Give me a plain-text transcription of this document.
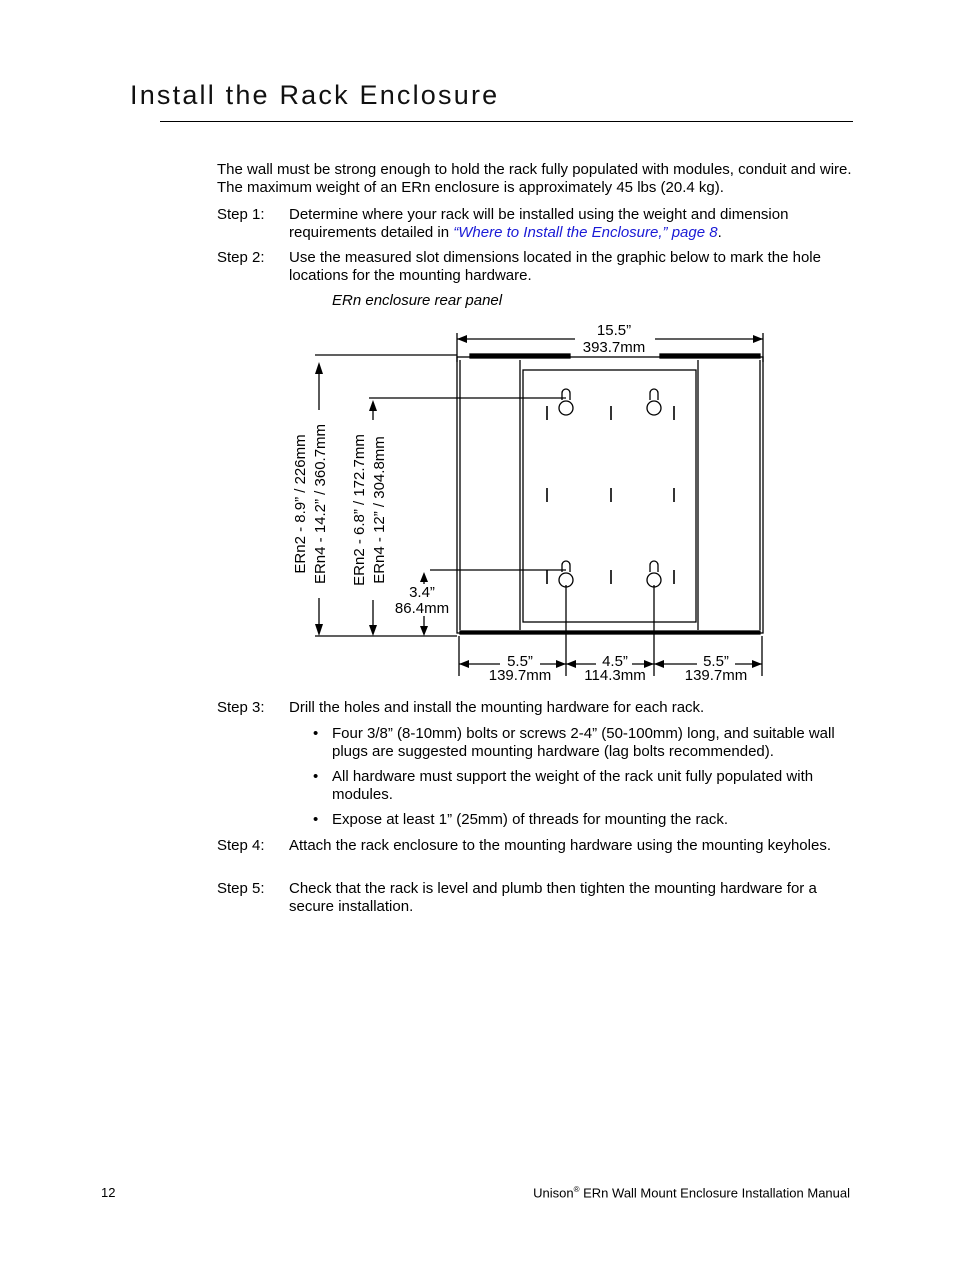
Install the Rack Enclosure
The wall must be strong enough to hold the rack fully populated with modules, conduit and wire. The maximum weight of an ERn enclosure is approximately 45 lbs (20.4 kg).
Step 1: Determine where your rack will be installed using the weight and dimension requirements detailed in “Where to Install the Enclosure,” page 8.
Step 2: Use the measured slot dimensions located in the graphic below to mark the hole locations for the mounting hardware.
ERn enclosure rear panel
15.5”
393.7mm
ERn2 - 8.9” / 226mm ERn4 - 14.2” / 360.7mm ERn2 - 6.8” / 172.7mm ERn4 - 12” / 304.8mm
3.4”
86.4mm
5.5”
139.7mm
4.5”
114.3mm
5.5”
139.7mm
Step 3: Drill the holes and install the mounting hardware for each rack.
• Four 3/8” (8-10mm) bolts or screws 2-4” (50-100mm) long, and suitable wall plugs are suggested mounting hardware (lag bolts recommended).
• All hardware must support the weight of the rack unit fully populated with modules.
• Expose at least 1” (25mm) of threads for mounting the rack.
Step 4: Attach the rack enclosure to the mounting hardware using the mounting keyholes.
Step 5: Check that the rack is level and plumb then tighten the mounting hardware for a secure installation.
12	Unison® ERn Wall Mount Enclosure Installation Manual
